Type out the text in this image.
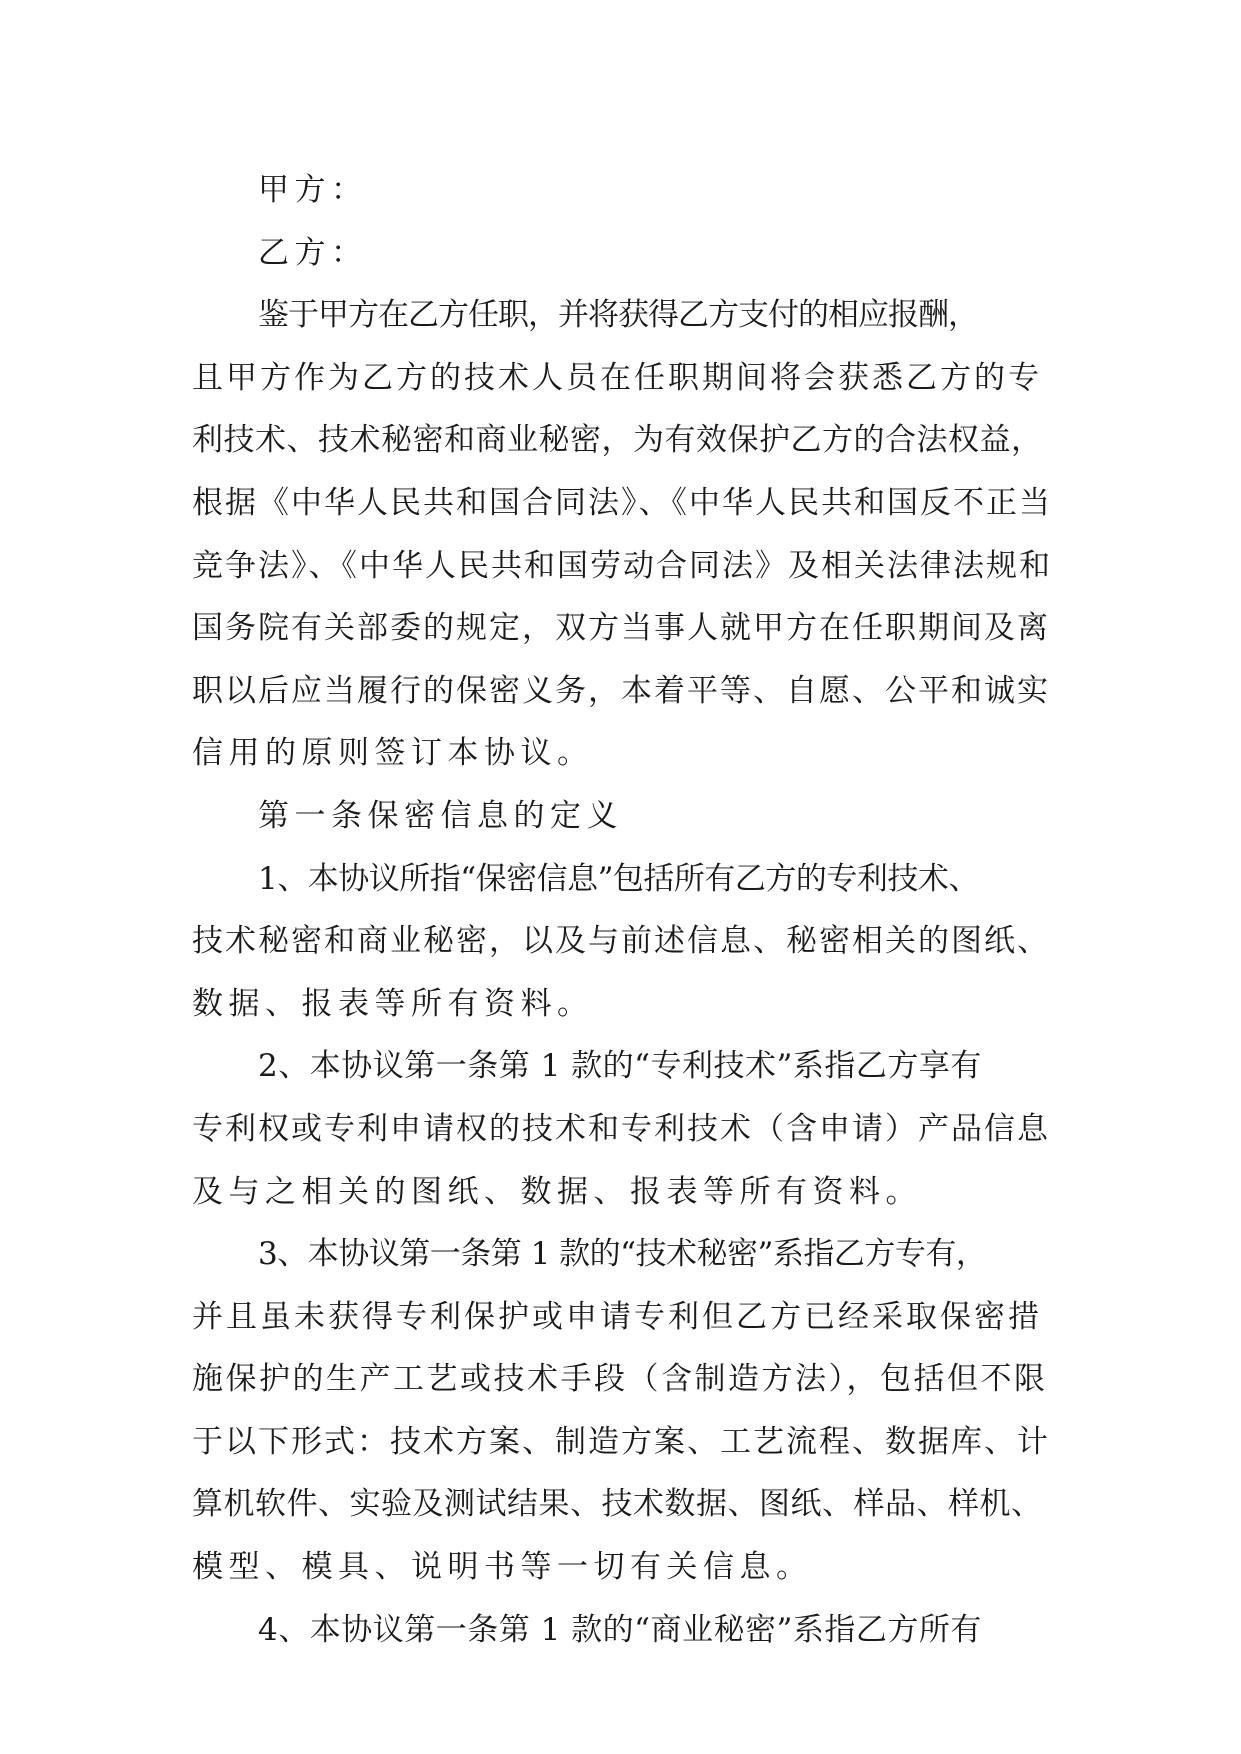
甲方：

乙方：

鉴于甲方在乙方任职，并将获得乙方支付的相应报酬，
且甲方作为乙方的技术人员在任职期间将会获悉乙方的专
利技术、技术秘密和商业秘密，为有效保护乙方的合法权益，
根据《中华人民共和国合同法》、《中华人民共和国反不正当
竞争法》、《中华人民共和国劳动合同法》及相关法律法规和
国务院有关部委的规定，双方当事人就甲方在任职期间及离
职以后应当履行的保密义务，本着平等、自愿、公平和诚实
信用的原则签订本协议。

第一条保密信息的定义

1、本协议所指“保密信息”包括所有乙方的专利技术、
技术秘密和商业秘密，以及与前述信息、秘密相关的图纸、
数据、报表等所有资料。

2、本协议第一条第 1 款的“专利技术”系指乙方享有
专利权或专利申请权的技术和专利技术（含申请）产品信息
及与之相关的图纸、数据、报表等所有资料。

3、本协议第一条第 1 款的“技术秘密”系指乙方专有，
并且虽未获得专利保护或申请专利但乙方已经采取保密措
施保护的生产工艺或技术手段（含制造方法），包括但不限
于以下形式：技术方案、制造方案、工艺流程、数据库、计
算机软件、实验及测试结果、技术数据、图纸、样品、样机、
模型、模具、说明书等一切有关信息。

4、本协议第一条第 1 款的“商业秘密”系指乙方所有
